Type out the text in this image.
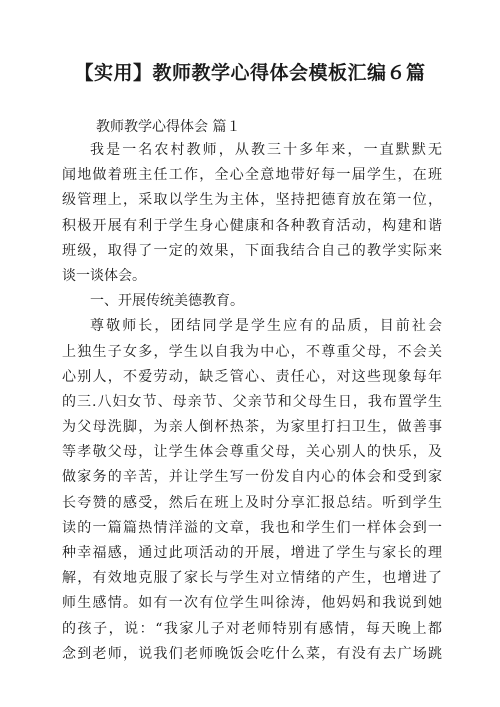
【实用】教师教学心得体会模板汇编６篇
教师教学心得体会 篇１
我是一名农村教师，从教三十多年来，一直默默无
闻地做着班主任工作，全心全意地带好每一届学生，在班
级管理上，采取以学生为主体，坚持把德育放在第一位，
积极开展有利于学生身心健康和各种教育活动，构建和谐
班级，取得了一定的效果，下面我结合自己的教学实际来
谈一谈体会。
一、开展传统美德教育。
尊敬师长，团结同学是学生应有的品质，目前社会
上独生子女多，学生以自我为中心，不尊重父母，不会关
心别人，不爱劳动，缺乏管心、责任心，对这些现象每年
的三.八妇女节、母亲节、父亲节和父母生日，我布置学生
为父母洗脚，为亲人倒杯热茶，为家里打扫卫生，做善事
等孝敬父母，让学生体会尊重父母，关心别人的快乐，及
做家务的辛苦，并让学生写一份发自内心的体会和受到家
长夸赞的感受，然后在班上及时分享汇报总结。听到学生
读的一篇篇热情洋溢的文章，我也和学生们一样体会到一
种幸福感，通过此项活动的开展，增进了学生与家长的理
解，有效地克服了家长与学生对立情绪的产生，也增进了
师生感情。如有一次有位学生叫徐涛，他妈妈和我说到她
的孩子，说：“我家儿子对老师特别有感情，每天晚上都
念到老师，说我们老师晚饭会吃什么菜，有没有去广场跳
